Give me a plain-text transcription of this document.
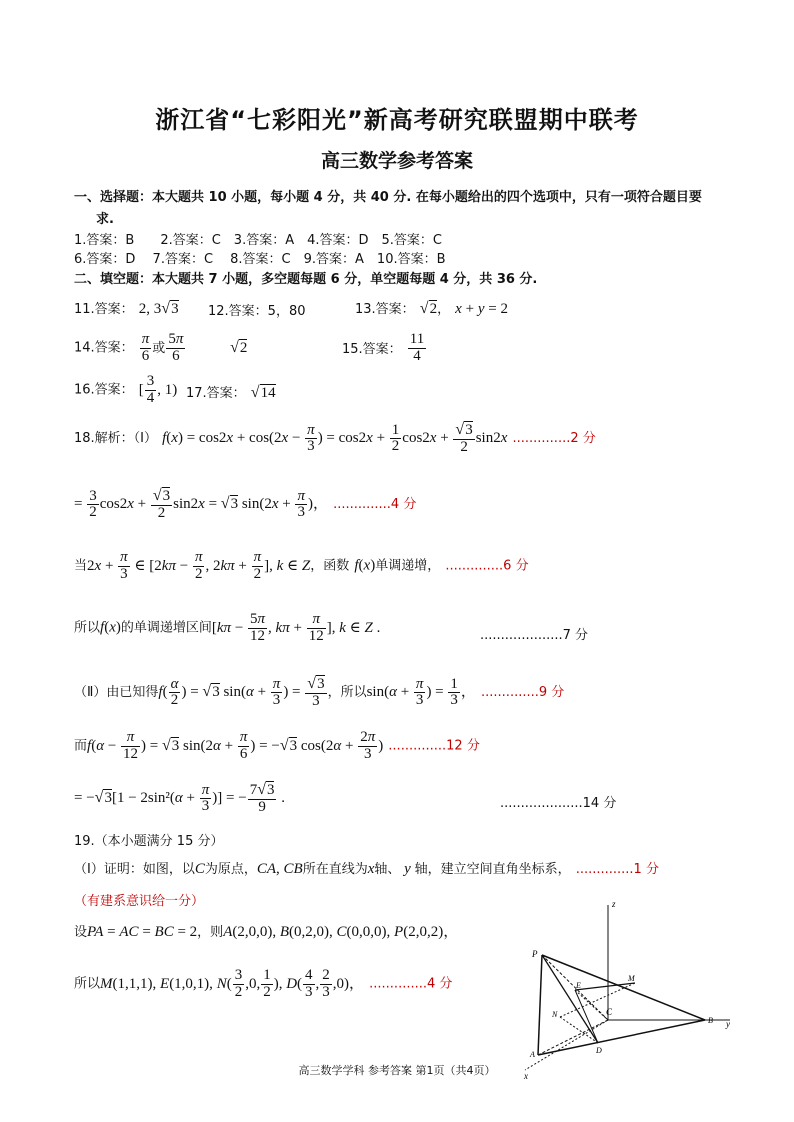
浙江省“七彩阳光”新高考研究联盟期中联考
高三数学参考答案
一、选择题：本大题共 10 小题，每小题 4 分，共 40 分. 在每小题给出的四个选项中，只有一项符合题目要
求.
1.答案：B　　2.答案：C　3.答案：A　4.答案：D　5.答案：C
6.答案：D　 7.答案：C　 8.答案：C　9.答案：A　10.答案：B
二、填空题：本大题共 7 小题，多空题每题 6 分，单空题每题 4 分，共 36 分.
11.答案： 2, 3√3 12.答案：5，80	13.答案： √2， x + y = 2
14.答案： $\frac{\pi}{6}$ 或 $\frac{5\pi}{6}$	√2	15.答案： $\frac{11}{4}$
16.答案： [ $\frac{3}{4}$ , 1) 17.答案： √14
18.解析：（Ⅰ） $f(x) = \cos 2x + \cos(2x - \frac{\pi}{3}$ ) = $\cos 2x + \frac{1}{2} \cos 2x + \frac{√3}{2} \sin 2x$ ..............2 分
= $\frac{3}{2} \cos 2x + \frac{√3}{2} \sin 2x = √3$ $\sin(2x + \frac{\pi}{3}$ )， ..............4 分
当$2x + \frac{\pi}{3}$ ∈ [$2k\pi - \frac{\pi}{2}$ , $2k\pi + \frac{\pi}{2}$ ], k ∈ Z，函数 f(x)单调递增， ..............6 分
所以f(x)的单调递增区间[$k\pi - \frac{5\pi}{12}$ , $k\pi + \frac{\pi}{12}$ ], k ∈ Z .	....................7 分
（Ⅱ）由已知得$f( \frac{\alpha}{2}$ ) = √3 $\sin(\alpha + \frac{\pi}{3}$ ) = $\frac{√3}{3}$ ，所以$\sin(\alpha + \frac{\pi}{3}$ ) = $\frac{1}{3}$ ， ..............9 分
而$f(\alpha - \frac{\pi}{12}$ ) = √3 $\sin(2\alpha + \frac{\pi}{6}$ ) = −√3 $\cos(2\alpha + \frac{2\pi}{3}$ ) ..............12 分
= $-√3[1 - 2\sin^2(\alpha + \frac{\pi}{3}$ )] = − $\frac{7√3}{9}$ .	....................14 分
19.（本小题满分 15 分）
（Ⅰ）证明：如图，以C为原点，CA, CB所在直线为x轴、 y 轴，建立空间直角坐标系， ..............1 分
（有建系意识给一分）
设PA = AC = BC = 2，则A(2,0,0), B(0,2,0), C(0,0,0), P(2,0,2)，
所以M(1,1,1), E(1,0,1), $N( \frac{3}{2} ,0$, $\frac{1}{2}$ ), $D( \frac{4}{3}$ , $\frac{2}{3} ,0$)， ..............4 分
z
P
M
E
N	C
B y
A	D
x
高三数学学科 参考答案 第1页（共4页）
